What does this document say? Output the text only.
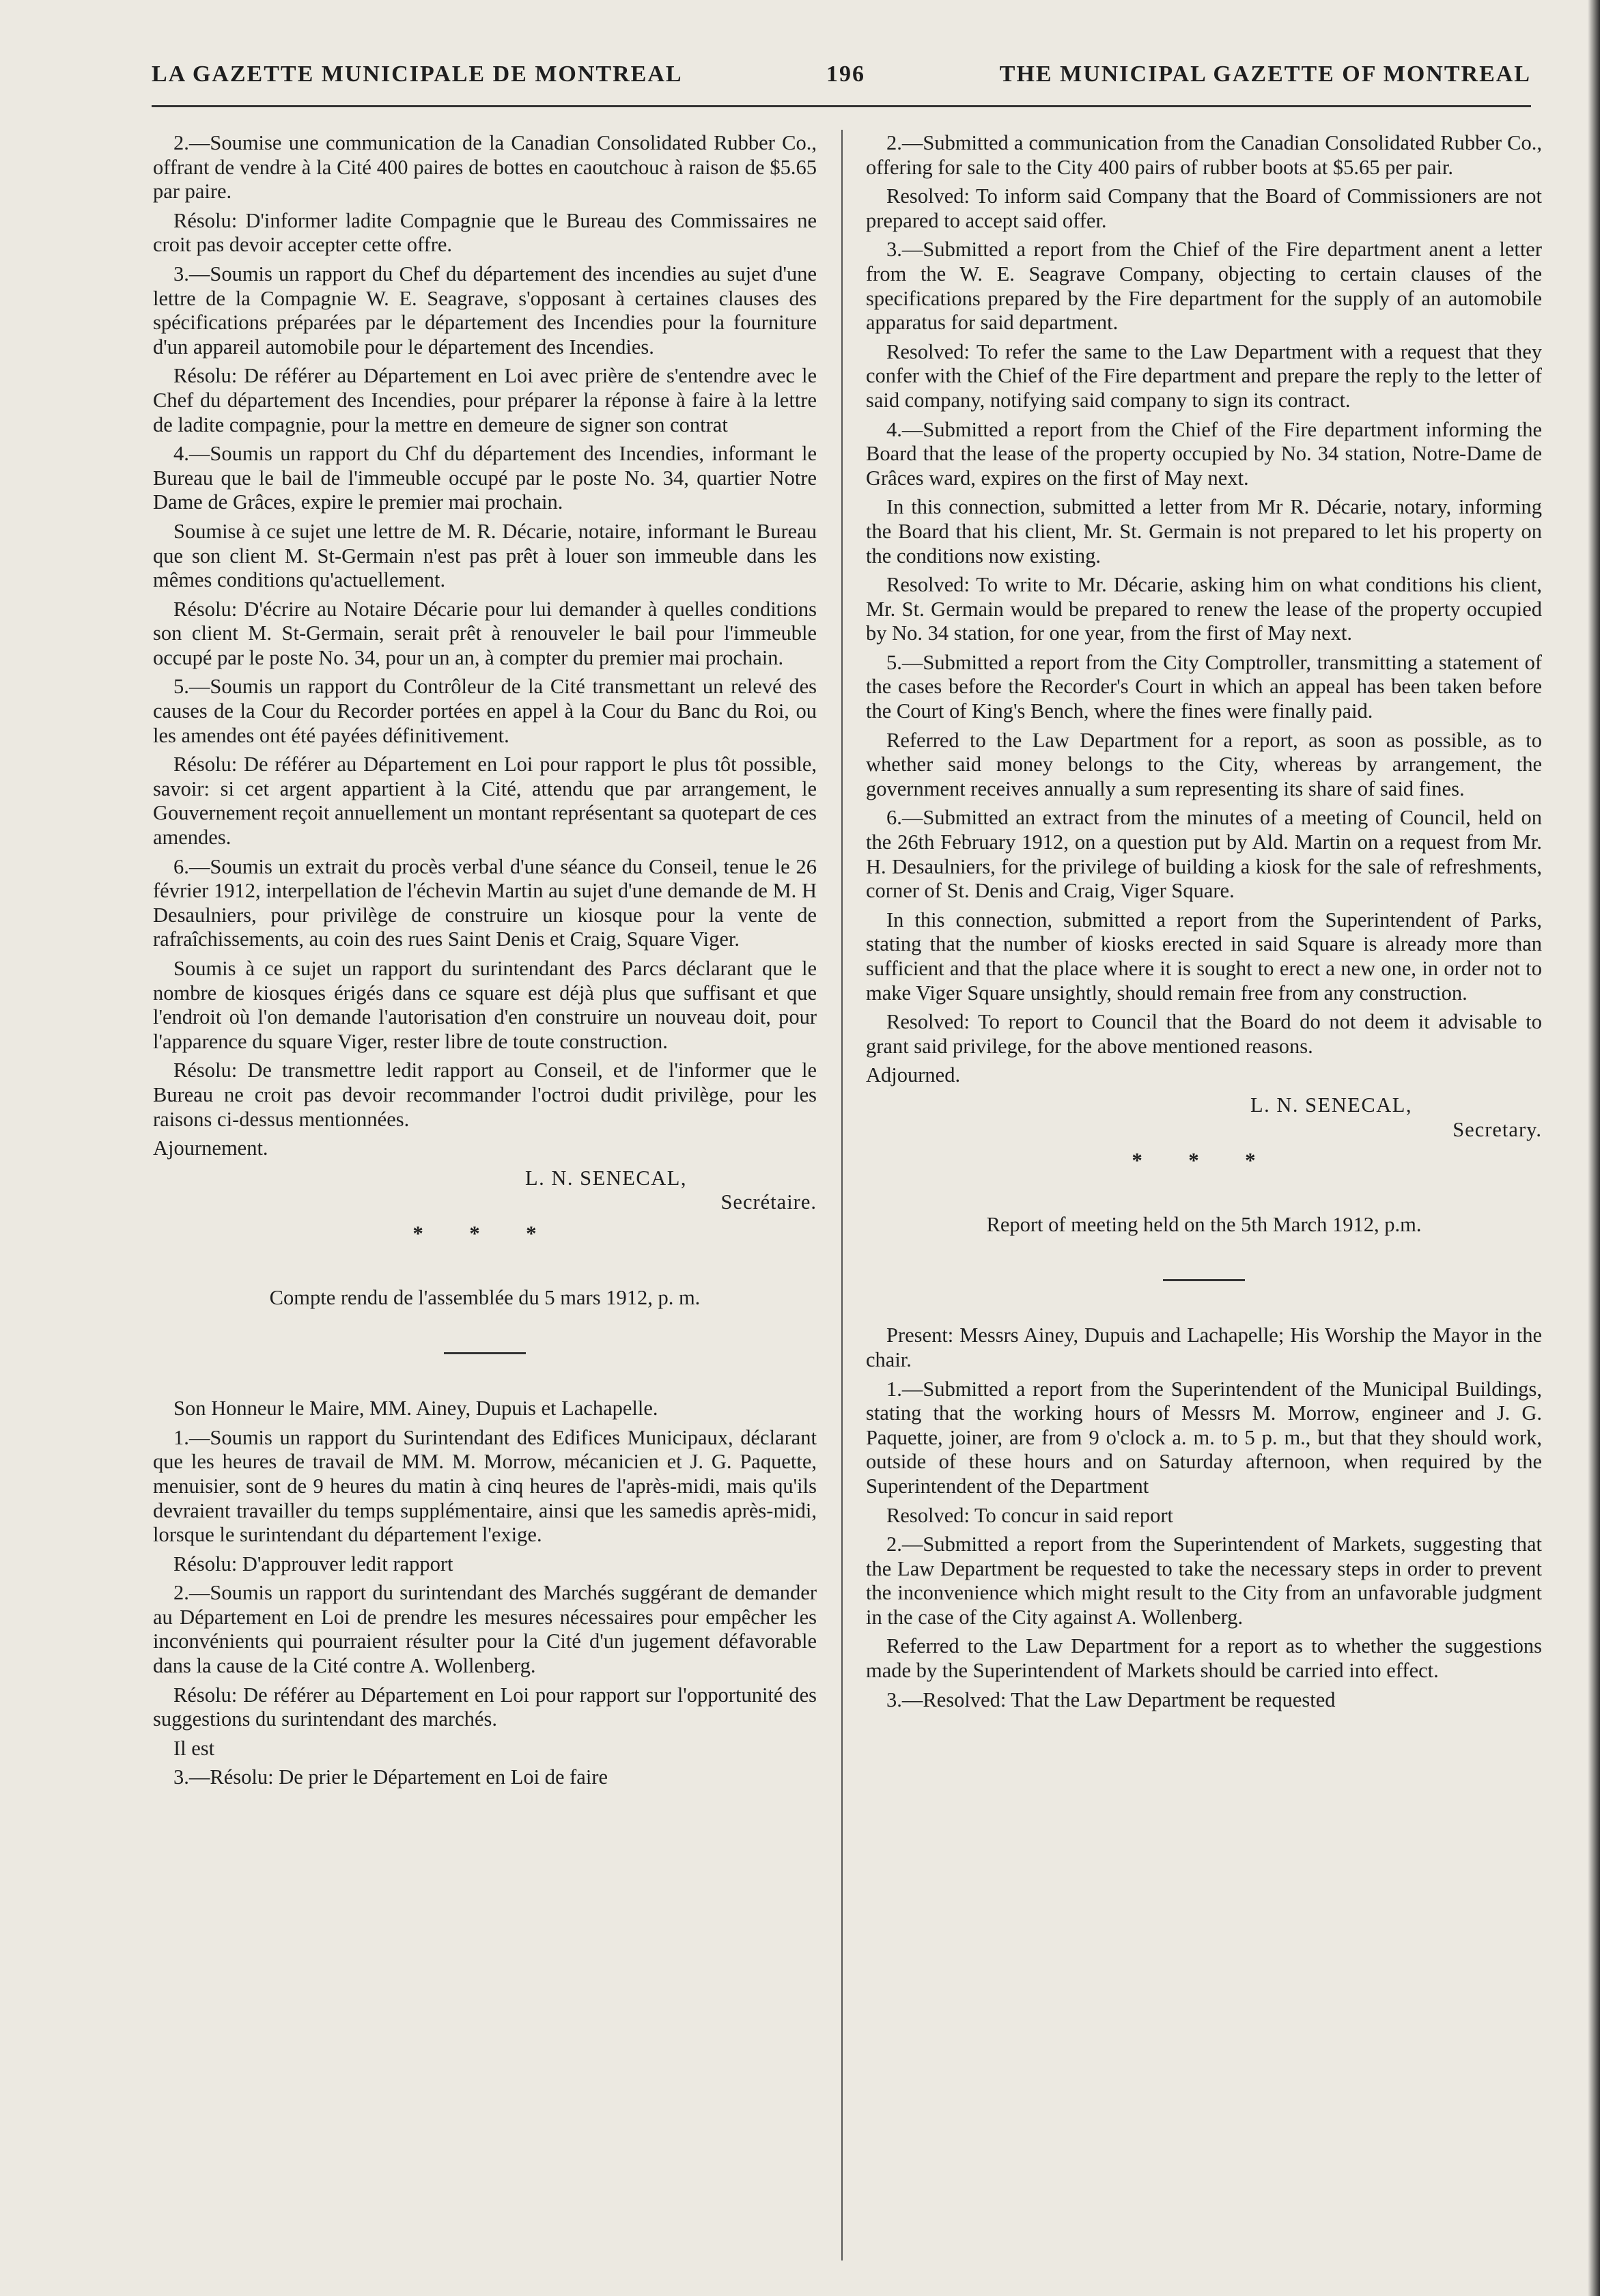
LA GAZETTE MUNICIPALE DE MONTREAL	196	THE MUNICIPAL GAZETTE OF MONTREAL

2.—Soumise une communication de la Canadian Consolidated Rubber Co., offrant de vendre à la Cité 400 paires de bottes en caoutchouc à raison de $5.65 par paire.

Résolu: D'informer ladite Compagnie que le Bureau des Commissaires ne croit pas devoir accepter cette offre.

3.—Soumis un rapport du Chef du département des incendies au sujet d'une lettre de la Compagnie W. E. Seagrave, s'opposant à certaines clauses des spécifications préparées par le département des Incendies pour la fourniture d'un appareil automobile pour le département des Incendies.

Résolu: De référer au Département en Loi avec prière de s'entendre avec le Chef du département des Incendies, pour préparer la réponse à faire à la lettre de ladite compagnie, pour la mettre en demeure de signer son contrat

4.—Soumis un rapport du Chf du département des Incendies, informant le Bureau que le bail de l'immeuble occupé par le poste No. 34, quartier Notre Dame de Grâces, expire le premier mai prochain.

Soumise à ce sujet une lettre de M. R. Décarie, notaire, informant le Bureau que son client M. St-Germain n'est pas prêt à louer son immeuble dans les mêmes conditions qu'actuellement.

Résolu: D'écrire au Notaire Décarie pour lui demander à quelles conditions son client M. St-Germain, serait prêt à renouveler le bail pour l'immeuble occupé par le poste No. 34, pour un an, à compter du premier mai prochain.

5.—Soumis un rapport du Contrôleur de la Cité transmettant un relevé des causes de la Cour du Recorder portées en appel à la Cour du Banc du Roi, ou les amendes ont été payées définitivement.

Résolu: De référer au Département en Loi pour rapport le plus tôt possible, savoir: si cet argent appartient à la Cité, attendu que par arrangement, le Gouvernement reçoit annuellement un montant représentant sa quotepart de ces amendes.

6.—Soumis un extrait du procès verbal d'une séance du Conseil, tenue le 26 février 1912, interpellation de l'échevin Martin au sujet d'une demande de M. H Desaulniers, pour privilège de construire un kiosque pour la vente de rafraîchissements, au coin des rues Saint Denis et Craig, Square Viger.

Soumis à ce sujet un rapport du surintendant des Parcs déclarant que le nombre de kiosques érigés dans ce square est déjà plus que suffisant et que l'endroit où l'on demande l'autorisation d'en construire un nouveau doit, pour l'apparence du square Viger, rester libre de toute construction.

Résolu: De transmettre ledit rapport au Conseil, et de l'informer que le Bureau ne croit pas devoir recommander l'octroi dudit privilège, pour les raisons ci-dessus mentionnées.

Ajournement.

L. N. SENECAL,
Secrétaire.
* * *

Compte rendu de l'assemblée du 5 mars 1912, p. m.

Son Honneur le Maire, MM. Ainey, Dupuis et Lachapelle.

1.—Soumis un rapport du Surintendant des Edifices Municipaux, déclarant que les heures de travail de MM. M. Morrow, mécanicien et J. G. Paquette, menuisier, sont de 9 heures du matin à cinq heures de l'après-midi, mais qu'ils devraient travailler du temps supplémentaire, ainsi que les samedis après-midi, lorsque le surintendant du département l'exige.

Résolu: D'approuver ledit rapport

2.—Soumis un rapport du surintendant des Marchés suggérant de demander au Département en Loi de prendre les mesures nécessaires pour empêcher les inconvénients qui pourraient résulter pour la Cité d'un jugement défavorable dans la cause de la Cité contre A. Wollenberg.

Résolu: De référer au Département en Loi pour rapport sur l'opportunité des suggestions du surintendant des marchés.

Il est

3.—Résolu: De prier le Département en Loi de faire

2.—Submitted a communication from the Canadian Consolidated Rubber Co., offering for sale to the City 400 pairs of rubber boots at $5.65 per pair.

Resolved: To inform said Company that the Board of Commissioners are not prepared to accept said offer.

3.—Submitted a report from the Chief of the Fire department anent a letter from the W. E. Seagrave Company, objecting to certain clauses of the specifications prepared by the Fire department for the supply of an automobile apparatus for said department.

Resolved: To refer the same to the Law Department with a request that they confer with the Chief of the Fire department and prepare the reply to the letter of said company, notifying said company to sign its contract.

4.—Submitted a report from the Chief of the Fire department informing the Board that the lease of the property occupied by No. 34 station, Notre-Dame de Grâces ward, expires on the first of May next.

In this connection, submitted a letter from Mr R. Décarie, notary, informing the Board that his client, Mr. St. Germain is not prepared to let his property on the conditions now existing.

Resolved: To write to Mr. Décarie, asking him on what conditions his client, Mr. St. Germain would be prepared to renew the lease of the property occupied by No. 34 station, for one year, from the first of May next.

5.—Submitted a report from the City Comptroller, transmitting a statement of the cases before the Recorder's Court in which an appeal has been taken before the Court of King's Bench, where the fines were finally paid.

Referred to the Law Department for a report, as soon as possible, as to whether said money belongs to the City, whereas by arrangement, the government receives annually a sum representing its share of said fines.

6.—Submitted an extract from the minutes of a meeting of Council, held on the 26th February 1912, on a question put by Ald. Martin on a request from Mr. H. Desaulniers, for the privilege of building a kiosk for the sale of refreshments, corner of St. Denis and Craig, Viger Square.

In this connection, submitted a report from the Superintendent of Parks, stating that the number of kiosks erected in said Square is already more than sufficient and that the place where it is sought to erect a new one, in order not to make Viger Square unsightly, should remain free from any construction.

Resolved: To report to Council that the Board do not deem it advisable to grant said privilege, for the above mentioned reasons.

Adjourned.

L. N. SENECAL,
Secretary.
* * *

Report of meeting held on the 5th March 1912, p.m.

Present: Messrs Ainey, Dupuis and Lachapelle; His Worship the Mayor in the chair.

1.—Submitted a report from the Superintendent of the Municipal Buildings, stating that the working hours of Messrs M. Morrow, engineer and J. G. Paquette, joiner, are from 9 o'clock a. m. to 5 p. m., but that they should work, outside of these hours and on Saturday afternoon, when required by the Superintendent of the Department

Resolved: To concur in said report

2.—Submitted a report from the Superintendent of Markets, suggesting that the Law Department be requested to take the necessary steps in order to prevent the inconvenience which might result to the City from an unfavorable judgment in the case of the City against A. Wollenberg.

Referred to the Law Department for a report as to whether the suggestions made by the Superintendent of Markets should be carried into effect.

3.—Resolved: That the Law Department be requested
